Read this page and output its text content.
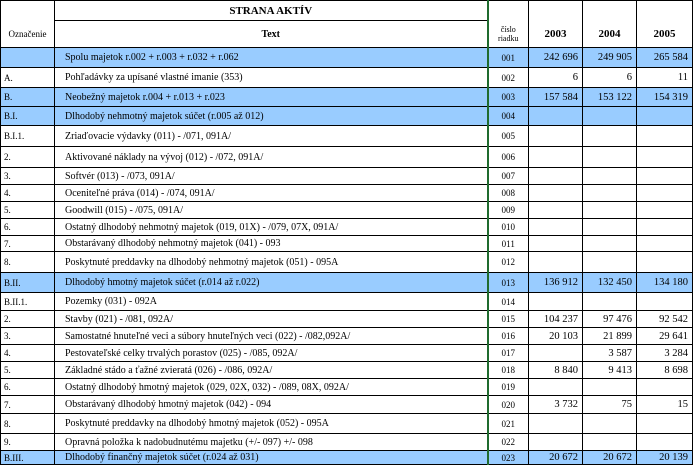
	STRANA AKTÍV				
Označenie	Text	číslo riadku	2003	2004	2005
	Spolu majetok r.002 + r.003 + r.032 + r.062	001	242 696	249 905	265 584
A.	Pohľadávky za upísané vlastné imanie (353)	002	6	6	11
B.	Neobežný majetok r.004 + r.013 + r.023	003	157 584	153 122	154 319
B.I.	Dlhodobý nehmotný majetok súčet (r.005 až 012)	004			
B.I.1.	Zriaďovacie výdavky (011) - /071, 091A/	005			
2.	Aktivované náklady na vývoj (012) - /072, 091A/	006			
3.	Softvér (013) - /073, 091A/	007			
4.	Oceniteľné práva (014) - /074, 091A/	008			
5.	Goodwill (015) - /075, 091A/	009			
6.	Ostatný dlhodobý nehmotný majetok (019, 01X) - /079, 07X, 091A/	010			
7.	Obstarávaný dlhodobý nehmotný majetok (041) - 093	011			
8.	Poskytnuté preddavky na dlhodobý nehmotný majetok (051) - 095A	012			
B.II.	Dlhodobý hmotný majetok súčet (r.014 až r.022)	013	136 912	132 450	134 180
B.II.1.	Pozemky (031) - 092A	014			
2.	Stavby (021) - /081, 092A/	015	104 237	97 476	92 542
3.	Samostatné hnuteľné veci a súbory hnuteľných veci (022) - /082,092A/	016	20 103	21 899	29 641
4.	Pestovateľské celky trvalých porastov (025) - /085, 092A/	017		3 587	3 284
5.	Základné stádo a ťažné zvieratá (026) - /086, 092A/	018	8 840	9 413	8 698
6.	Ostatný dlhodobý hmotný majetok (029, 02X, 032) - /089, 08X, 092A/	019			
7.	Obstarávaný dlhodobý hmotný majetok (042) - 094	020	3 732	75	15
8.	Poskytnuté preddavky na dlhodobý hmotný majetok (052) - 095A	021			
9.	Opravná položka k nadobudnutému majetku (+/- 097) +/- 098	022			
B.III.	Dlhodobý finančný majetok súčet (r.024 až 031)	023	20 672	20 672	20 139
